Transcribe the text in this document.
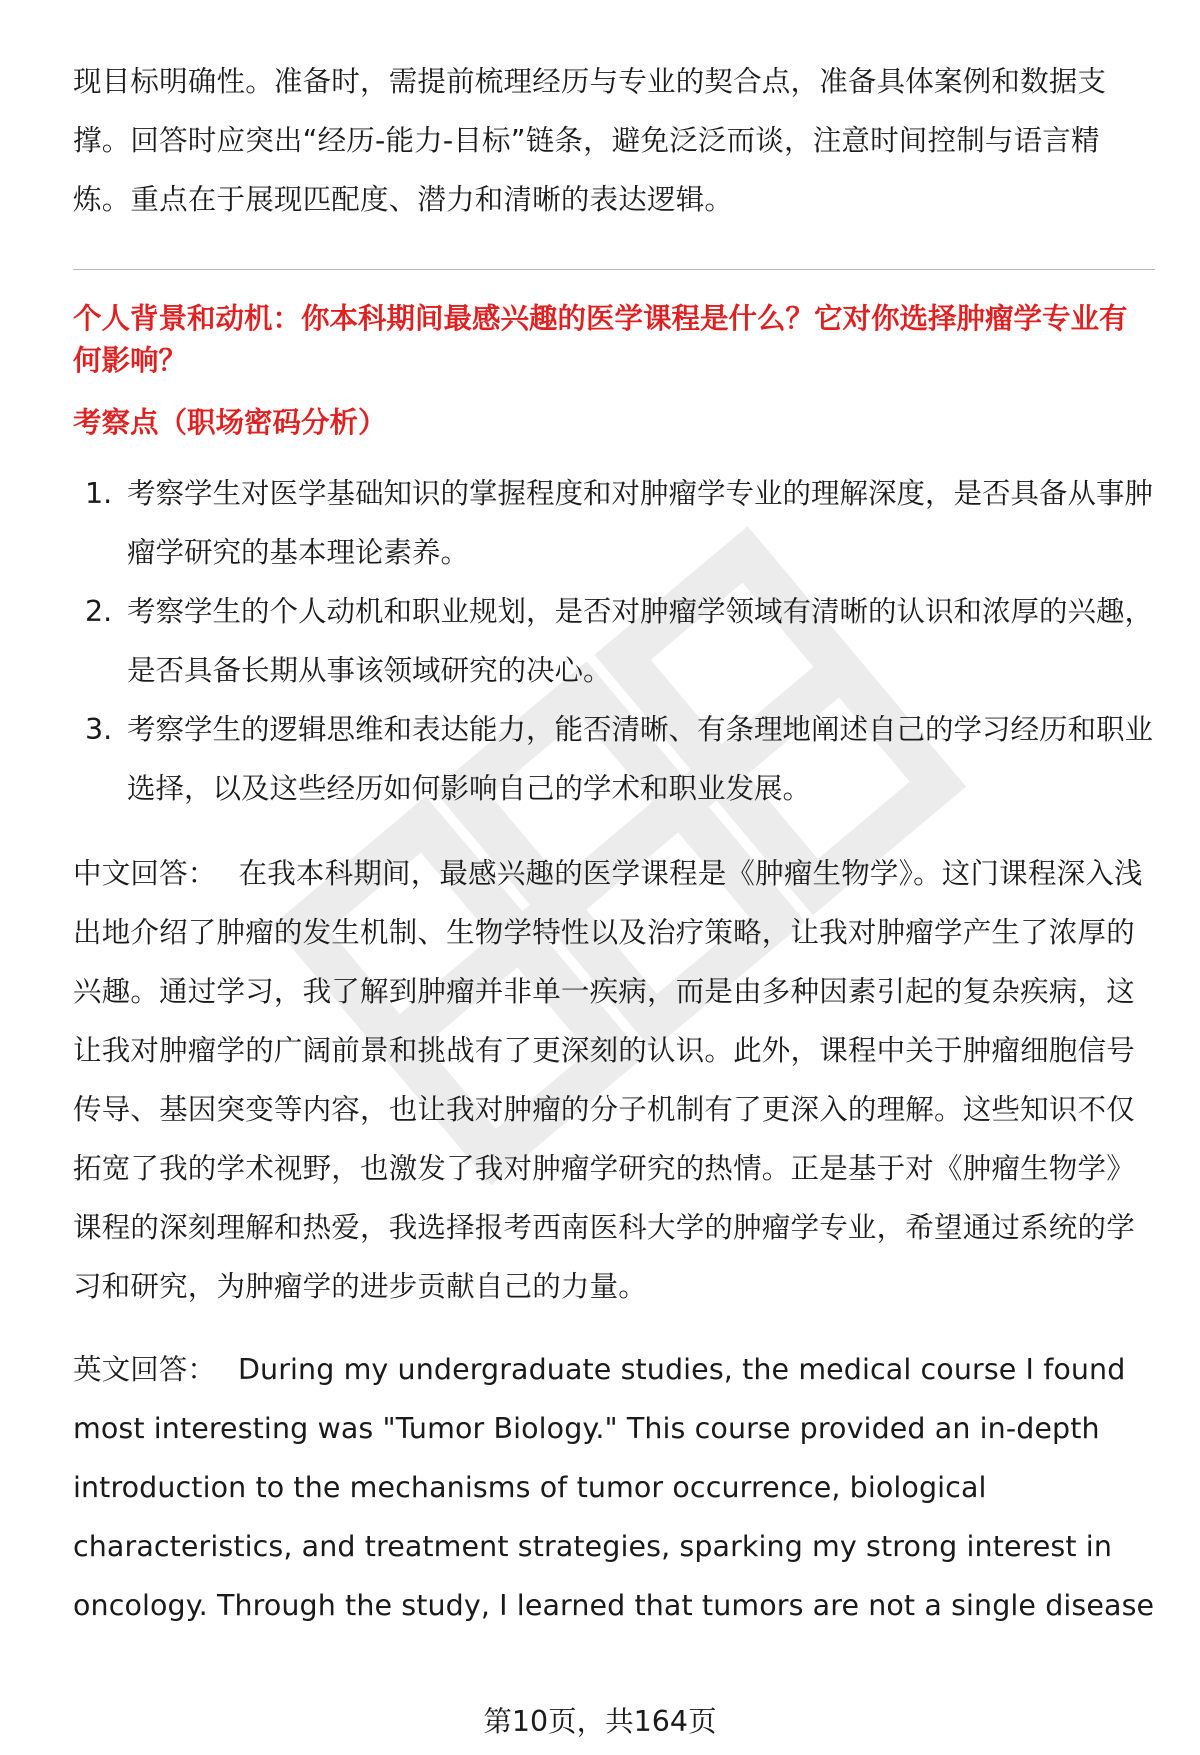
现目标明确性。准备时，需提前梳理经历与专业的契合点，准备具体案例和数据支撑。回答时应突出“经历-能力-目标”链条，避免泛泛而谈，注意时间控制与语言精炼。重点在于展现匹配度、潜力和清晰的表达逻辑。

个人背景和动机：你本科期间最感兴趣的医学课程是什么？它对你选择肿瘤学专业有何影响？

考察点（职场密码分析）

1. 考察学生对医学基础知识的掌握程度和对肿瘤学专业的理解深度，是否具备从事肿瘤学研究的基本理论素养。
2. 考察学生的个人动机和职业规划，是否对肿瘤学领域有清晰的认识和浓厚的兴趣，是否具备长期从事该领域研究的决心。
3. 考察学生的逻辑思维和表达能力，能否清晰、有条理地阐述自己的学习经历和职业选择，以及这些经历如何影响自己的学术和职业发展。

中文回答： 在我本科期间，最感兴趣的医学课程是《肿瘤生物学》。这门课程深入浅出地介绍了肿瘤的发生机制、生物学特性以及治疗策略，让我对肿瘤学产生了浓厚的兴趣。通过学习，我了解到肿瘤并非单一疾病，而是由多种因素引起的复杂疾病，这让我对肿瘤学的广阔前景和挑战有了更深刻的认识。此外，课程中关于肿瘤细胞信号传导、基因突变等内容，也让我对肿瘤的分子机制有了更深入的理解。这些知识不仅拓宽了我的学术视野，也激发了我对肿瘤学研究的热情。正是基于对《肿瘤生物学》课程的深刻理解和热爱，我选择报考西南医科大学的肿瘤学专业，希望通过系统的学习和研究，为肿瘤学的进步贡献自己的力量。

英文回答： During my undergraduate studies, the medical course I found most interesting was "Tumor Biology." This course provided an in-depth introduction to the mechanisms of tumor occurrence, biological characteristics, and treatment strategies, sparking my strong interest in oncology. Through the study, I learned that tumors are not a single disease

第10页，共164页
